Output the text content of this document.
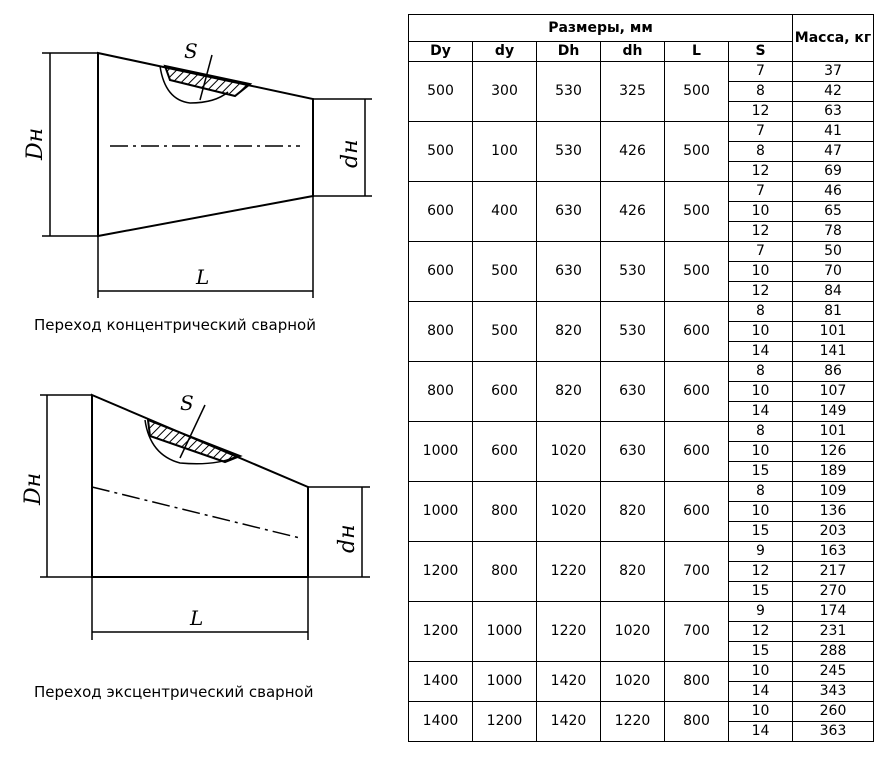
Dн	dн
L
S
Dн
dн
L
S
Переход концентрический сварной
Переход эксцентрический сварной
Размеры, мм						Масса, кг
Dy	dy	Dh	dh	L	S	
500	300	530	325	500	7	37
					8	42
					12	63
500	100	530	426	500	7	41
					8	47
					12	69
600	400	630	426	500	7	46
					10	65
					12	78
600	500	630	530	500	7	50
					10	70
					12	84
800	500	820	530	600	8	81
					10	101
					14	141
800	600	820	630	600	8	86
					10	107
					14	149
1000	600	1020	630	600	8	101
					10	126
					15	189
1000	800	1020	820	600	8	109
					10	136
					15	203
1200	800	1220	820	700	9	163
					12	217
					15	270
1200	1000	1220	1020	700	9	174
					12	231
					15	288
1400	1000	1420	1020	800	10	245
					14	343
1400	1200	1420	1220	800	10	260
					14	363
